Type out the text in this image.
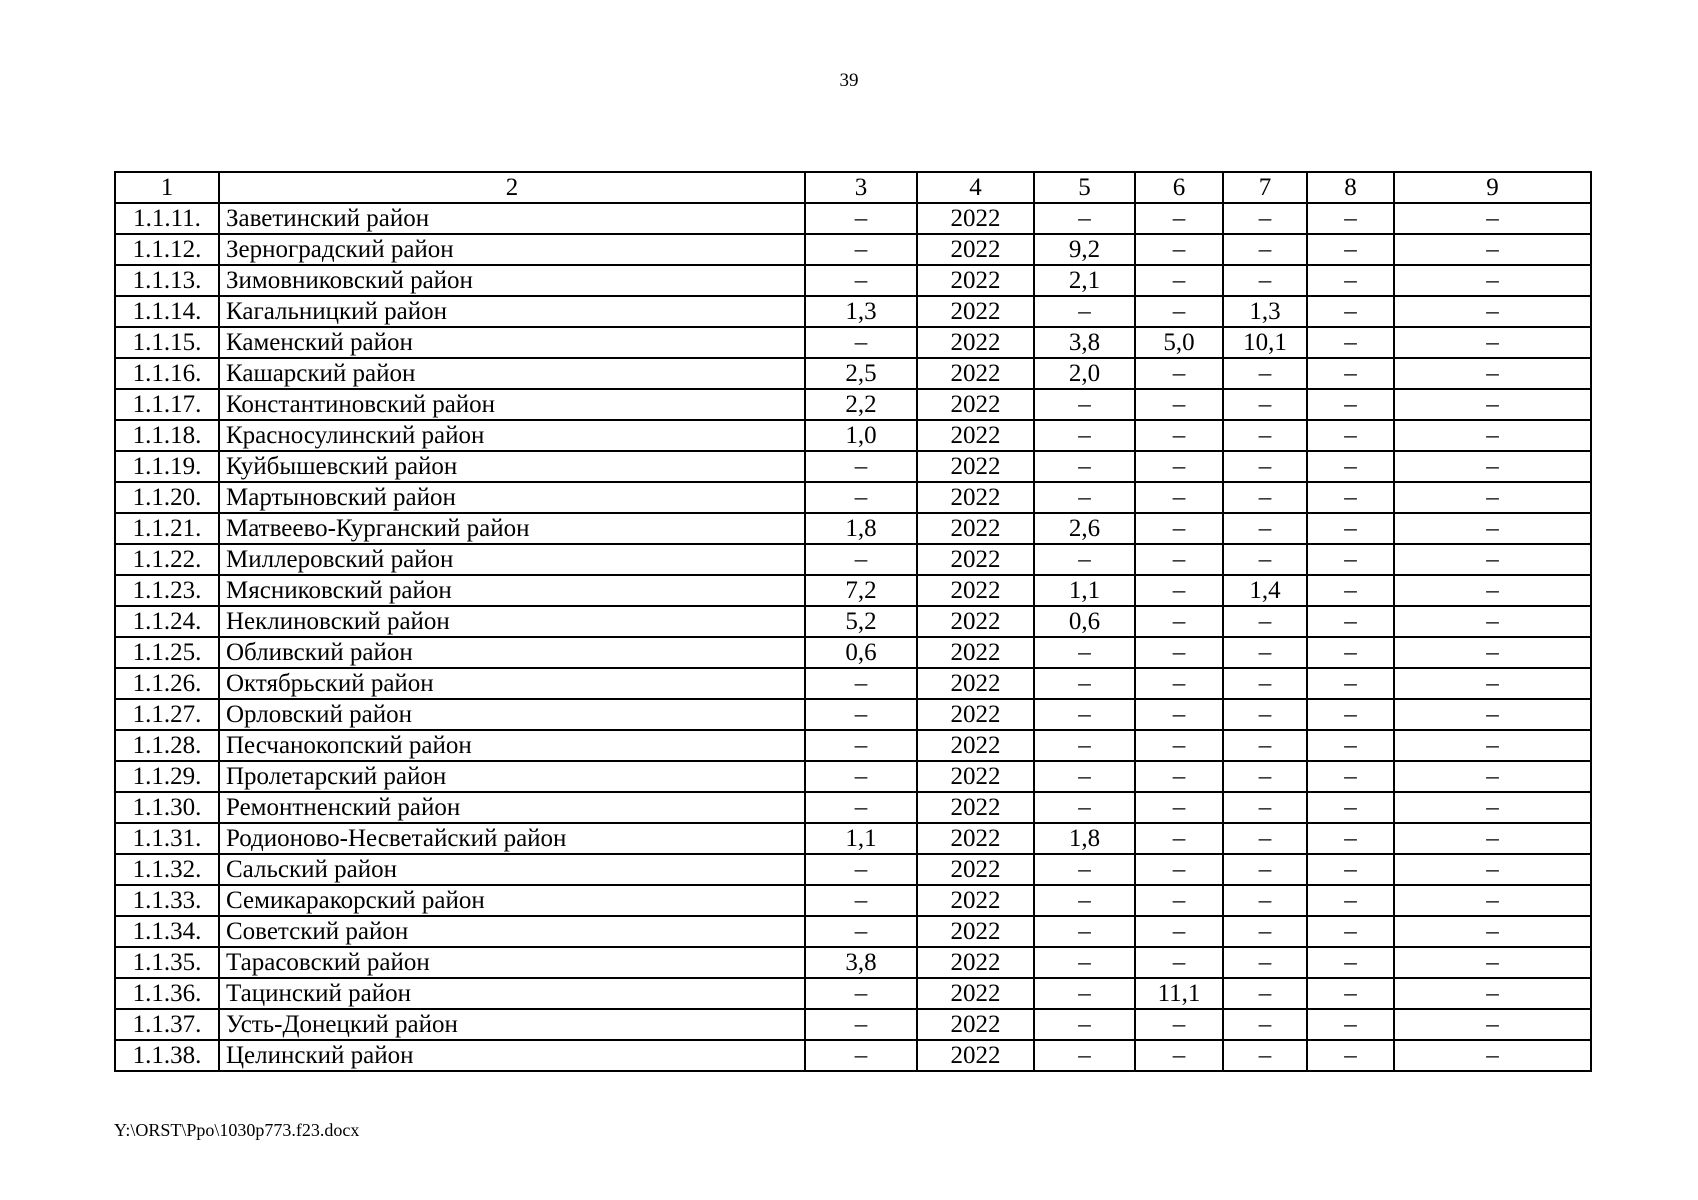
39
1	2	3	4	5	6	7	8	9
1.1.11.	Заветинский район	–	2022	–	–	–	–	–
1.1.12.	Зерноградский район	–	2022	9,2	–	–	–	–
1.1.13.	Зимовниковский район	–	2022	2,1	–	–	–	–
1.1.14.	Кагальницкий район	1,3	2022	–	–	1,3	–	–
1.1.15.	Каменский район	–	2022	3,8	5,0	10,1	–	–
1.1.16.	Кашарский район	2,5	2022	2,0	–	–	–	–
1.1.17.	Константиновский район	2,2	2022	–	–	–	–	–
1.1.18.	Красносулинский район	1,0	2022	–	–	–	–	–
1.1.19.	Куйбышевский район	–	2022	–	–	–	–	–
1.1.20.	Мартыновский район	–	2022	–	–	–	–	–
1.1.21.	Матвеево-Курганский район	1,8	2022	2,6	–	–	–	–
1.1.22.	Миллеровский район	–	2022	–	–	–	–	–
1.1.23.	Мясниковский район	7,2	2022	1,1	–	1,4	–	–
1.1.24.	Неклиновский район	5,2	2022	0,6	–	–	–	–
1.1.25.	Обливский район	0,6	2022	–	–	–	–	–
1.1.26.	Октябрьский район	–	2022	–	–	–	–	–
1.1.27.	Орловский район	–	2022	–	–	–	–	–
1.1.28.	Песчанокопский район	–	2022	–	–	–	–	–
1.1.29.	Пролетарский район	–	2022	–	–	–	–	–
1.1.30.	Ремонтненский район	–	2022	–	–	–	–	–
1.1.31.	Родионово-Несветайский район	1,1	2022	1,8	–	–	–	–
1.1.32.	Сальский район	–	2022	–	–	–	–	–
1.1.33.	Семикаракорский район	–	2022	–	–	–	–	–
1.1.34.	Советский район	–	2022	–	–	–	–	–
1.1.35.	Тарасовский район	3,8	2022	–	–	–	–	–
1.1.36.	Тацинский район	–	2022	–	11,1	–	–	–
1.1.37.	Усть-Донецкий район	–	2022	–	–	–	–	–
1.1.38.	Целинский район	–	2022	–	–	–	–	–
Y:\ORST\Ppo\1030p773.f23.docx
